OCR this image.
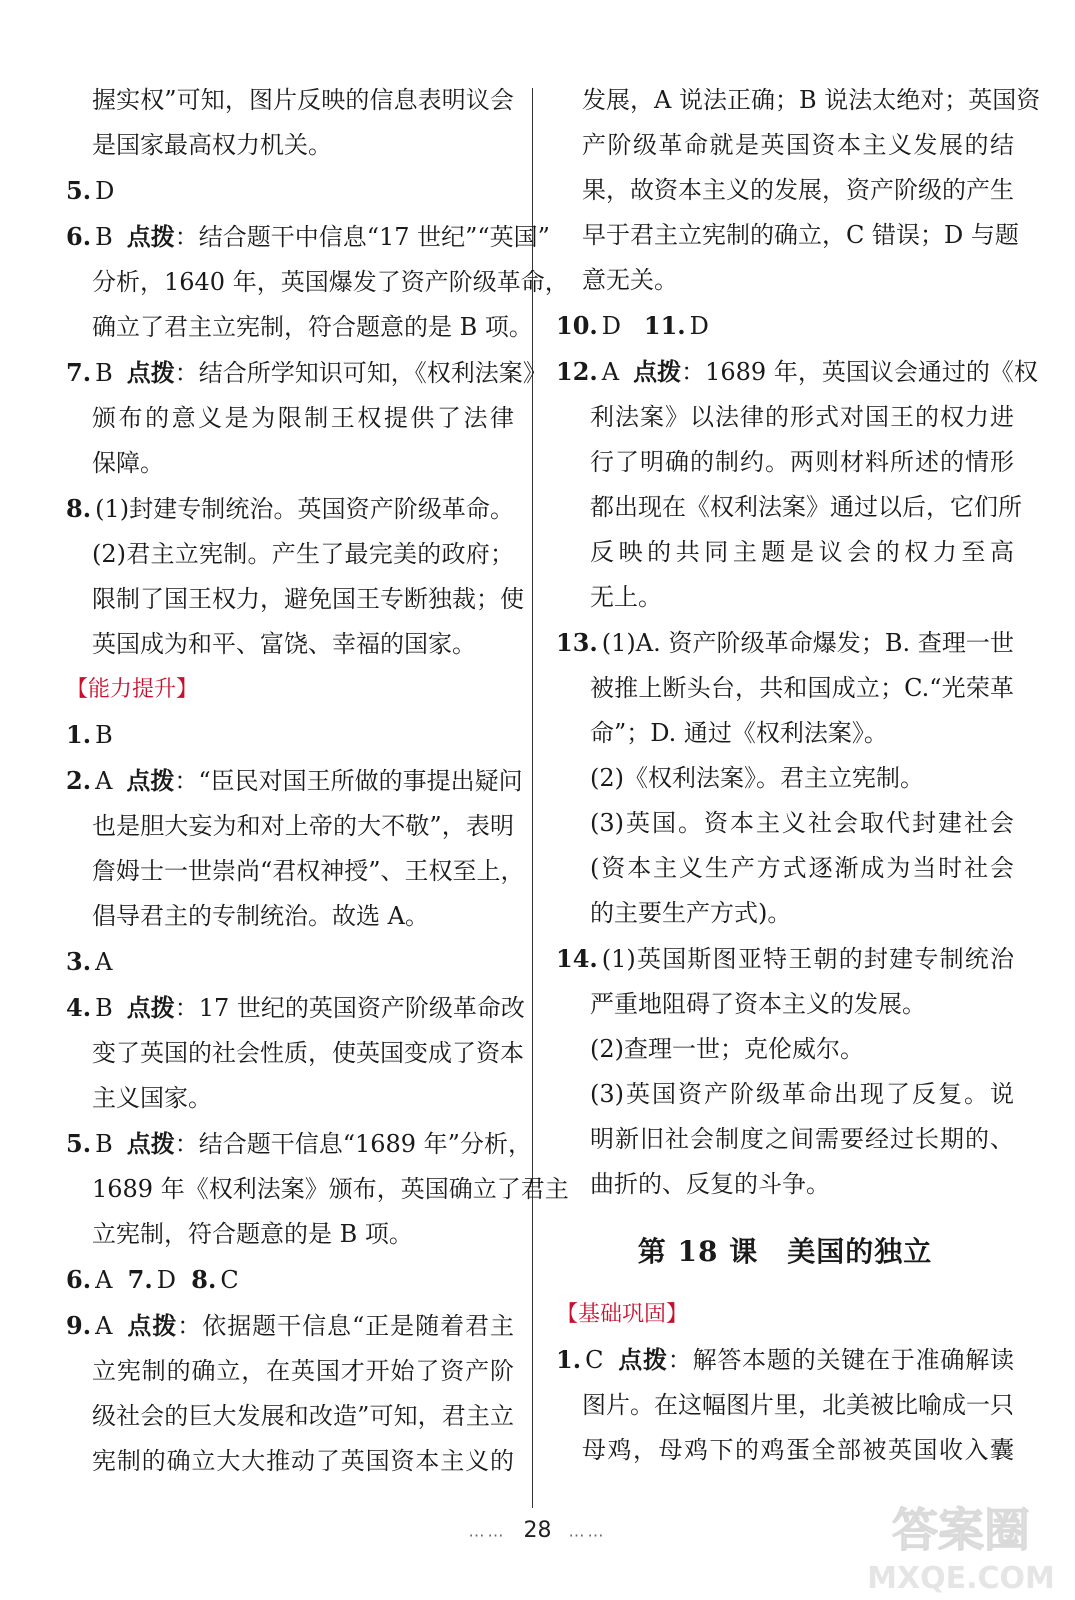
握实权”可知，图片反映的信息表明议会
是国家最高权力机关。
5. D
6. B 点拨：结合题干中信息“17 世纪”“英国”
分析，1640 年，英国爆发了资产阶级革命，
确立了君主立宪制，符合题意的是 B 项。
7. B 点拨：结合所学知识可知，《权利法案》
颁布的意义是为限制王权提供了法律
保障。
8. (1)封建专制统治。英国资产阶级革命。
(2)君主立宪制。产生了最完美的政府；
限制了国王权力，避免国王专断独裁；使
英国成为和平、富饶、幸福的国家。
【能力提升】
1. B
2. A 点拨：“臣民对国王所做的事提出疑问
也是胆大妄为和对上帝的大不敬”，表明
詹姆士一世崇尚“君权神授”、王权至上，
倡导君主的专制统治。故选 A。
3. A
4. B 点拨：17 世纪的英国资产阶级革命改
变了英国的社会性质，使英国变成了资本
主义国家。
5. B 点拨：结合题干信息“1689 年”分析，
1689 年《权利法案》颁布，英国确立了君主
立宪制，符合题意的是 B 项。
6. A 7. D 8. C
9. A 点拨：依据题干信息“正是随着君主
立宪制的确立，在英国才开始了资产阶
级社会的巨大发展和改造”可知，君主立
宪制的确立大大推动了英国资本主义的
发展，A 说法正确；B 说法太绝对；英国资
产阶级革命就是英国资本主义发展的结
果，故资本主义的发展，资产阶级的产生
早于君主立宪制的确立，C 错误；D 与题
意无关。
10. D 11. D
12. A 点拨：1689 年，英国议会通过的《权
利法案》以法律的形式对国王的权力进
行了明确的制约。两则材料所述的情形
都出现在《权利法案》通过以后，它们所
反映的共同主题是议会的权力至高
无上。
13. (1)A. 资产阶级革命爆发；B. 查理一世
被推上断头台，共和国成立；C.“光荣革
命”；D. 通过《权利法案》。
(2)《权利法案》。君主立宪制。
(3)英国。资本主义社会取代封建社会
(资本主义生产方式逐渐成为当时社会
的主要生产方式)。
14. (1)英国斯图亚特王朝的封建专制统治
严重地阻碍了资本主义的发展。
(2)查理一世；克伦威尔。
(3)英国资产阶级革命出现了反复。说
明新旧社会制度之间需要经过长期的、
曲折的、反复的斗争。
第 18 课　美国的独立
【基础巩固】
1. C 点拨：解答本题的关键在于准确解读
图片。在这幅图片里，北美被比喻成一只
母鸡，母鸡下的鸡蛋全部被英国收入囊
…… 28 ……	答案圈
MXQE.COM
